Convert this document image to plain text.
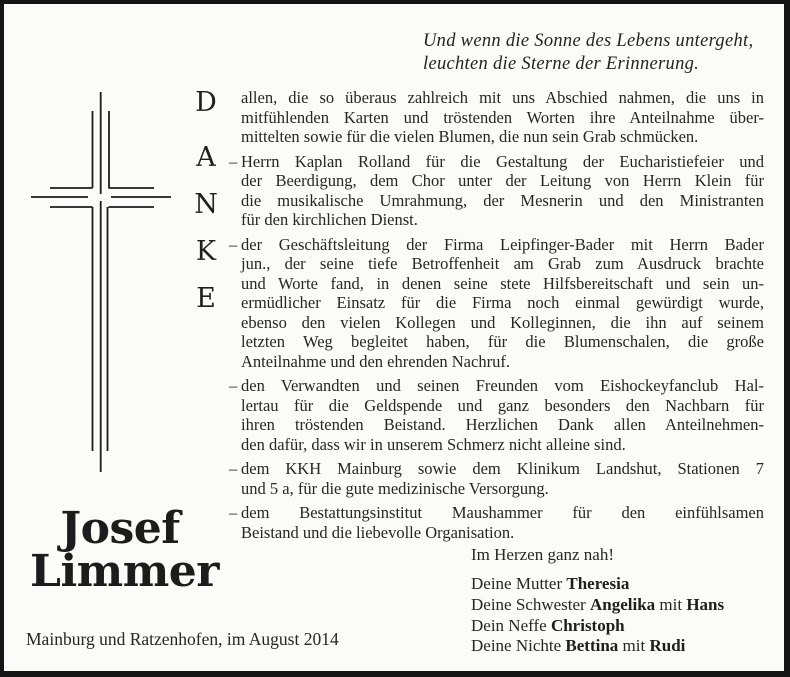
Und wenn die Sonne des Lebens untergeht,
leuchten die Sterne der Erinnerung.
D
A
N
K
E
allen, die so überaus zahlreich mit uns Abschied nahmen, die uns in
mitfühlenden Karten und tröstenden Worten ihre Anteilnahme über-
mittelten sowie für die vielen Blumen, die nun sein Grab schmücken.
– Herrn Kaplan Rolland für die Gestaltung der Eucharistiefeier und
der Beerdigung, dem Chor unter der Leitung von Herrn Klein für
die musikalische Umrahmung, der Mesnerin und den Ministranten
für den kirchlichen Dienst.
– der Geschäftsleitung der Firma Leipfinger-Bader mit Herrn Bader
jun., der seine tiefe Betroffenheit am Grab zum Ausdruck brachte
und Worte fand, in denen seine stete Hilfsbereitschaft und sein un-
ermüdlicher Einsatz für die Firma noch einmal gewürdigt wurde,
ebenso den vielen Kollegen und Kolleginnen, die ihn auf seinem
letzten Weg begleitet haben, für die Blumenschalen, die große
Anteilnahme und den ehrenden Nachruf.
– den Verwandten und seinen Freunden vom Eishockeyfanclub Hal-
lertau für die Geldspende und ganz besonders den Nachbarn für
ihren tröstenden Beistand. Herzlichen Dank allen Anteilnehmen-
den dafür, dass wir in unserem Schmerz nicht alleine sind.
– dem KKH Mainburg sowie dem Klinikum Landshut, Stationen 7
und 5 a, für die gute medizinische Versorgung.
– dem Bestattungsinstitut Maushammer für den einfühlsamen
Beistand und die liebevolle Organisation.
Josef
Limmer
Mainburg und Ratzenhofen, im August 2014
Im Herzen ganz nah!
Deine Mutter Theresia
Deine Schwester Angelika mit Hans
Dein Neffe Christoph
Deine Nichte Bettina mit Rudi
